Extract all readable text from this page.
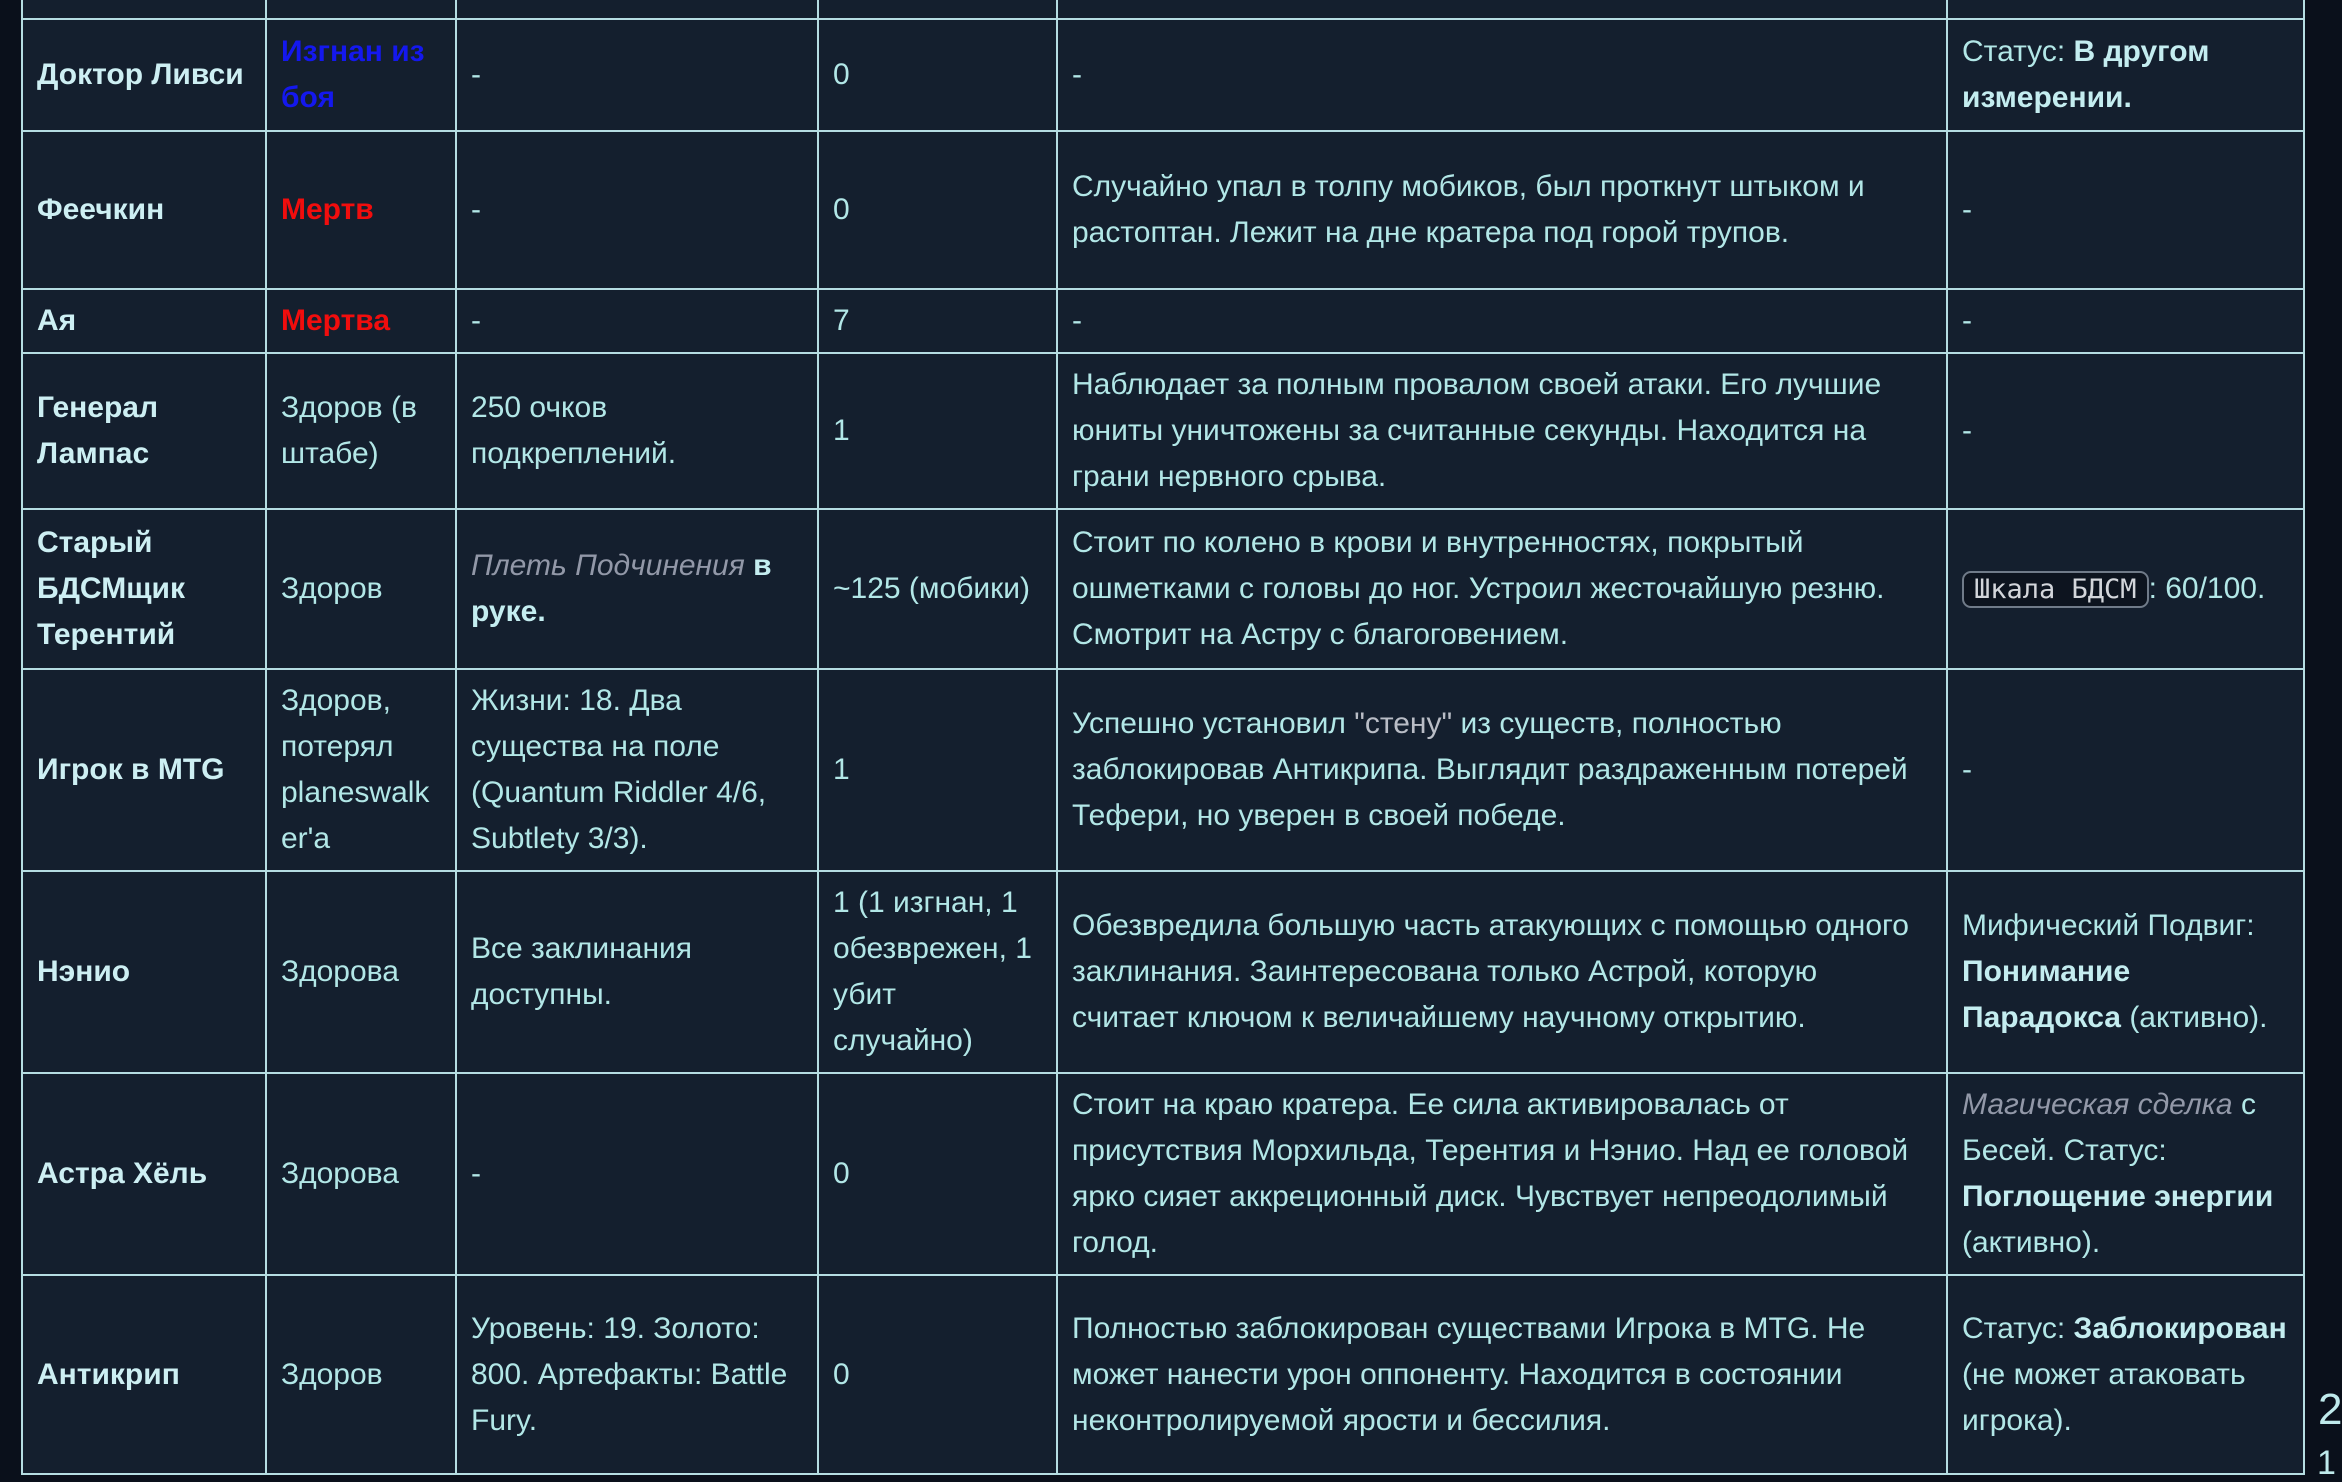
Доктор Ливси	Изгнан из боя	-	0	-	Статус: В другом измерении.
Феечкин	Мертв	-	0	Случайно упал в толпу мобиков, был проткнут штыком и растоптан. Лежит на дне кратера под горой трупов.	-
Ая	Мертва	-	7	-	-
Генерал Лампас	Здоров (в штабе)	250 очков подкреплений.	1	Наблюдает за полным провалом своей атаки. Его лучшие юниты уничтожены за считанные секунды. Находится на грани нервного срыва.	-
Старый БДСМщик Терентий	Здоров	Плеть Подчинения в руке.	~125 (мобики)	Стоит по колено в крови и внутренностях, покрытый ошметками с головы до ног. Устроил жесточайшую резню. Смотрит на Астру с благоговением.	Шкала БДСМ : 60/100.
Игрок в MTG	Здоров, потерял planeswalker'a	Жизни: 18. Два существа на поле (Quantum Riddler 4/6, Subtlety 3/3).	1	Успешно установил "стену" из существ, полностью заблокировав Антикрипа. Выглядит раздраженным потерей Тефери, но уверен в своей победе.	-
Нэнио	Здорова	Все заклинания доступны.	1 (1 изгнан, 1 обезврежен, 1 убит случайно)	Обезвредила большую часть атакующих с помощью одного заклинания. Заинтересована только Астрой, которую считает ключом к величайшему научному открытию.	Мифический Подвиг: Понимание Парадокса (активно).
Астра Хёль	Здорова	-	0	Стоит на краю кратера. Ее сила активировалась от присутствия Морхильда, Терентия и Нэнио. Над ее головой ярко сияет аккреционный диск. Чувствует непреодолимый голод.	Магическая сделка с Бесей. Статус: Поглощение энергии (активно).
Антикрип	Здоров	Уровень: 19. Золото: 800. Артефакты: Battle Fury.	0	Полностью заблокирован существами Игрока в MTG. Не может нанести урон оппоненту. Находится в состоянии неконтролируемой ярости и бессилия.	Статус: Заблокирован (не может атаковать игрока).	2
1
